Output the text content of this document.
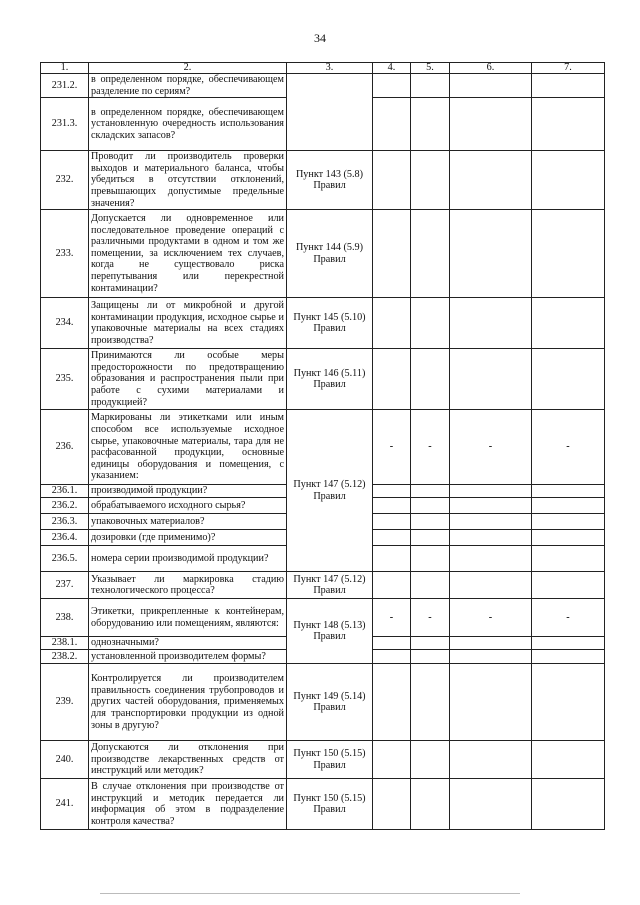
34
1.	2.	3.	4.	5.	6.	7.
231.2.	в определенном порядке, обеспечивающем разделение по сериям?					
231.3.	в определенном порядке, обеспечивающем установленную очередность использования складских запасов?					
232.	Проводит ли производитель проверки выходов и материального баланса, чтобы убедиться в отсутствии отклонений, превышающих допустимые предельные значения?	Пункт 143 (5.8) Правил				
233.	Допускается ли одновременное или последовательное проведение операций с различными продуктами в одном и том же помещении, за исключением тех случаев, когда не существовало риска перепутывания или перекрестной контаминации?	Пункт 144 (5.9) Правил				
234.	Защищены ли от микробной и другой контаминации продукция, исходное сырье и упаковочные материалы на всех стадиях производства?	Пункт 145 (5.10) Правил				
235.	Принимаются ли особые меры предосторожности по предотвращению образования и распространения пыли при работе с сухими материалами и продукцией?	Пункт 146 (5.11) Правил				
236.	Маркированы ли этикетками или иным способом все используемые исходное сырье, упаковочные материалы, тара для не расфасованной продукции, основные единицы оборудования и помещения, с указанием:	Пункт 147 (5.12) Правил	-	-	-	-
236.1.	производимой продукции?					
236.2.	обрабатываемого исходного сырья?					
236.3.	упаковочных материалов?					
236.4.	дозировки (где применимо)?					
236.5.	номера серии производимой продукции?					
237.	Указывает ли маркировка стадию технологического процесса?	Пункт 147 (5.12) Правил				
238.	Этикетки, прикрепленные к контейнерам, оборудованию или помещениям, являются:	Пункт 148 (5.13) Правил	-	-	-	-
238.1.	однозначными?					
238.2.	установленной производителем формы?					
239.	Контролируется ли производителем правильность соединения трубопроводов и других частей оборудования, применяемых для транспортировки продукции из одной зоны в другую?	Пункт 149 (5.14) Правил				
240.	Допускаются ли отклонения при производстве лекарственных средств от инструкций или методик?	Пункт 150 (5.15) Правил				
241.	В случае отклонения при производстве от инструкций и методик передается ли информация об этом в подразделение контроля качества?	Пункт 150 (5.15) Правил				
